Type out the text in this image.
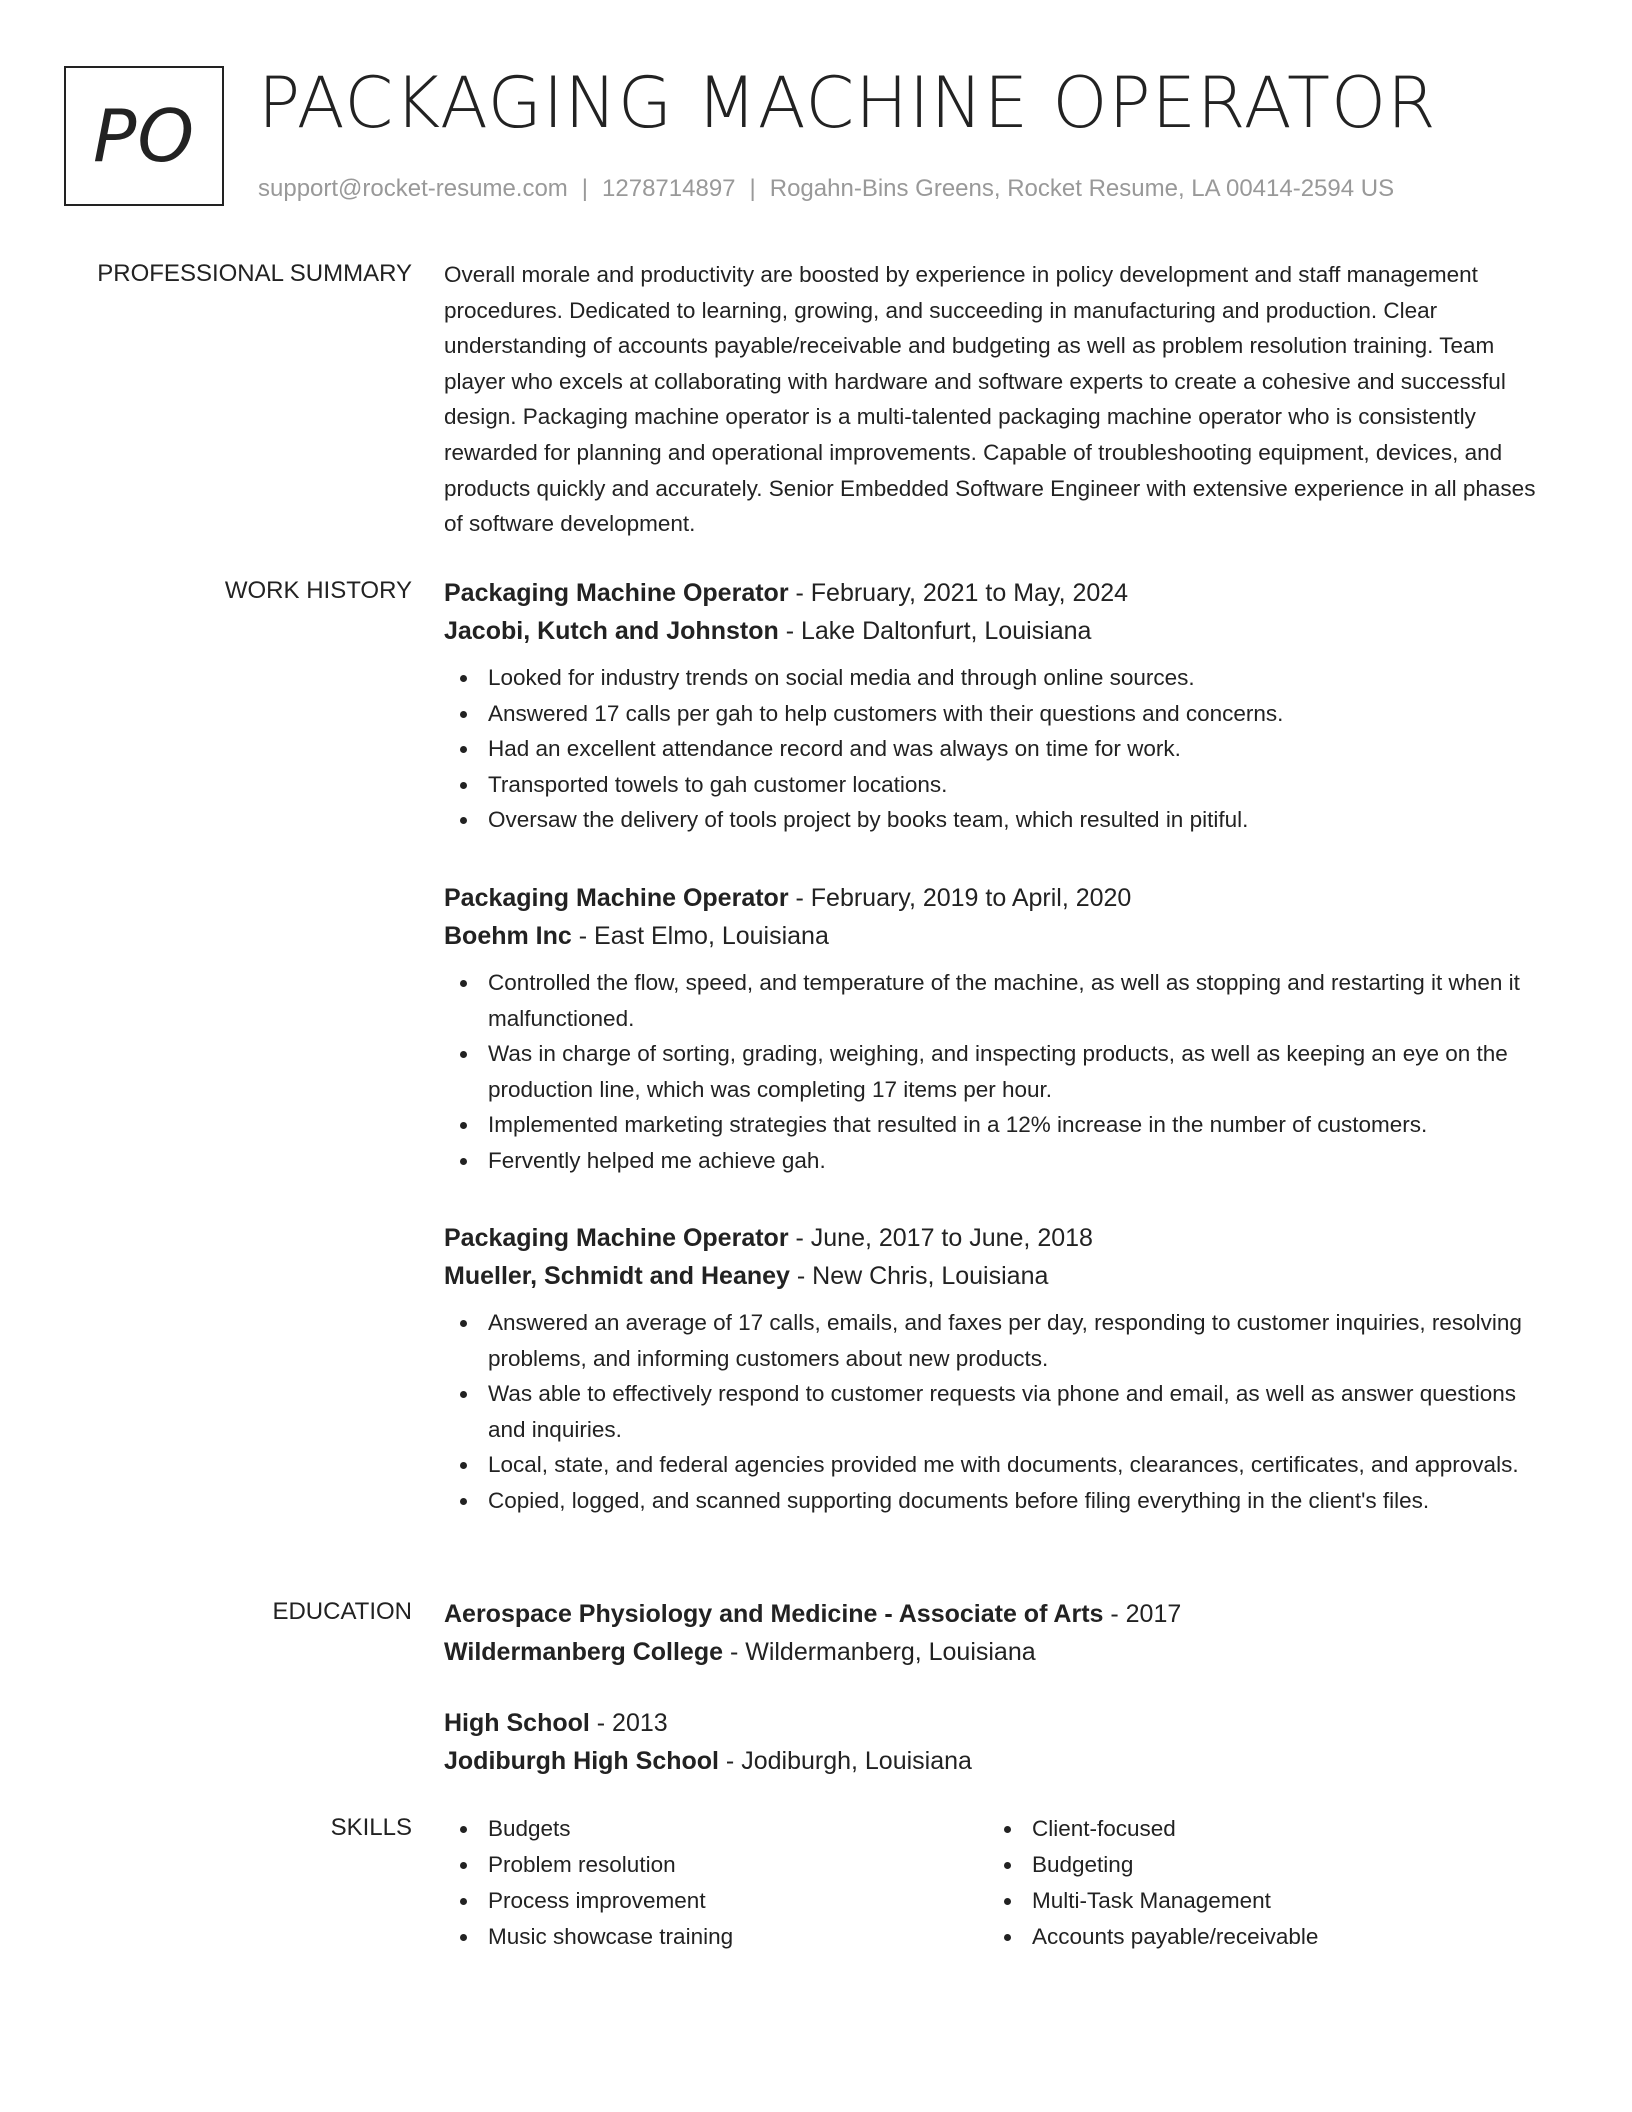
PO PACKAGING MACHINE OPERATOR
support@rocket-resume.com | 1278714897 | Rogahn-Bins Greens, Rocket Resume, LA 00414-2594 US
PROFESSIONAL SUMMARY Overall morale and productivity are boosted by experience in policy development and staff management procedures. Dedicated to learning, growing, and succeeding in manufacturing and production. Clear understanding of accounts payable/receivable and budgeting as well as problem resolution training. Team player who excels at collaborating with hardware and software experts to create a cohesive and successful design. Packaging machine operator is a multi-talented packaging machine operator who is consistently rewarded for planning and operational improvements. Capable of troubleshooting equipment, devices, and products quickly and accurately. Senior Embedded Software Engineer with extensive experience in all phases of software development.

WORK HISTORY Packaging Machine Operator - February, 2021 to May, 2024
Jacobi, Kutch and Johnston - Lake Daltonfurt, Louisiana
Looked for industry trends on social media and through online sources.
Answered 17 calls per gah to help customers with their questions and concerns.
Had an excellent attendance record and was always on time for work.
Transported towels to gah customer locations.
Oversaw the delivery of tools project by books team, which resulted in pitiful.
Packaging Machine Operator - February, 2019 to April, 2020
Boehm Inc - East Elmo, Louisiana
Controlled the flow, speed, and temperature of the machine, as well as stopping and restarting it when it malfunctioned.
Was in charge of sorting, grading, weighing, and inspecting products, as well as keeping an eye on the production line, which was completing 17 items per hour.
Implemented marketing strategies that resulted in a 12% increase in the number of customers.
Fervently helped me achieve gah.
Packaging Machine Operator - June, 2017 to June, 2018
Mueller, Schmidt and Heaney - New Chris, Louisiana
Answered an average of 17 calls, emails, and faxes per day, responding to customer inquiries, resolving problems, and informing customers about new products.
Was able to effectively respond to customer requests via phone and email, as well as answer questions and inquiries.
Local, state, and federal agencies provided me with documents, clearances, certificates, and approvals.
Copied, logged, and scanned supporting documents before filing everything in the client's files.
EDUCATION Aerospace Physiology and Medicine - Associate of Arts - 2017
Wildermanberg College - Wildermanberg, Louisiana
High School - 2013
Jodiburgh High School - Jodiburgh, Louisiana
SKILLS	Budgets
Problem resolution
Process improvement
Music showcase training
Client-focused
Budgeting
Multi-Task Management
Accounts payable/receivable
